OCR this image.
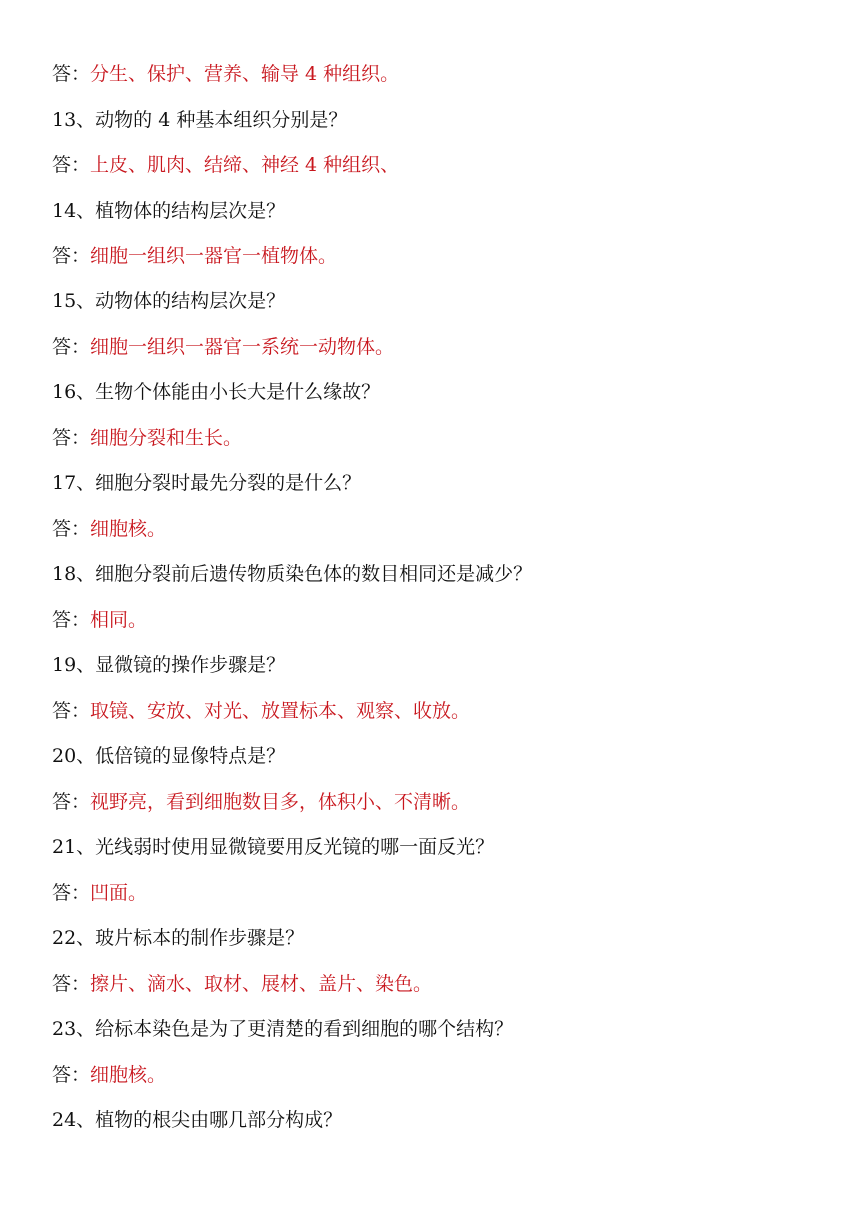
答：分生、保护、营养、输导 4 种组织。
13、动物的 4 种基本组织分别是？
答：上皮、肌肉、结缔、神经 4 种组织、
14、植物体的结构层次是？
答：细胞一组织一器官一植物体。
15、动物体的结构层次是？
答：细胞一组织一器官一系统一动物体。
16、生物个体能由小长大是什么缘故？
答：细胞分裂和生长。
17、细胞分裂时最先分裂的是什么？
答：细胞核。
18、细胞分裂前后遗传物质染色体的数目相同还是减少？
答：相同。
19、显微镜的操作步骤是？
答：取镜、安放、对光、放置标本、观察、收放。
20、低倍镜的显像特点是？
答：视野亮，看到细胞数目多，体积小、不清晰。
21、光线弱时使用显微镜要用反光镜的哪一面反光？
答：凹面。
22、玻片标本的制作步骤是？
答：擦片、滴水、取材、展材、盖片、染色。
23、给标本染色是为了更清楚的看到细胞的哪个结构？
答：细胞核。
24、植物的根尖由哪几部分构成？
